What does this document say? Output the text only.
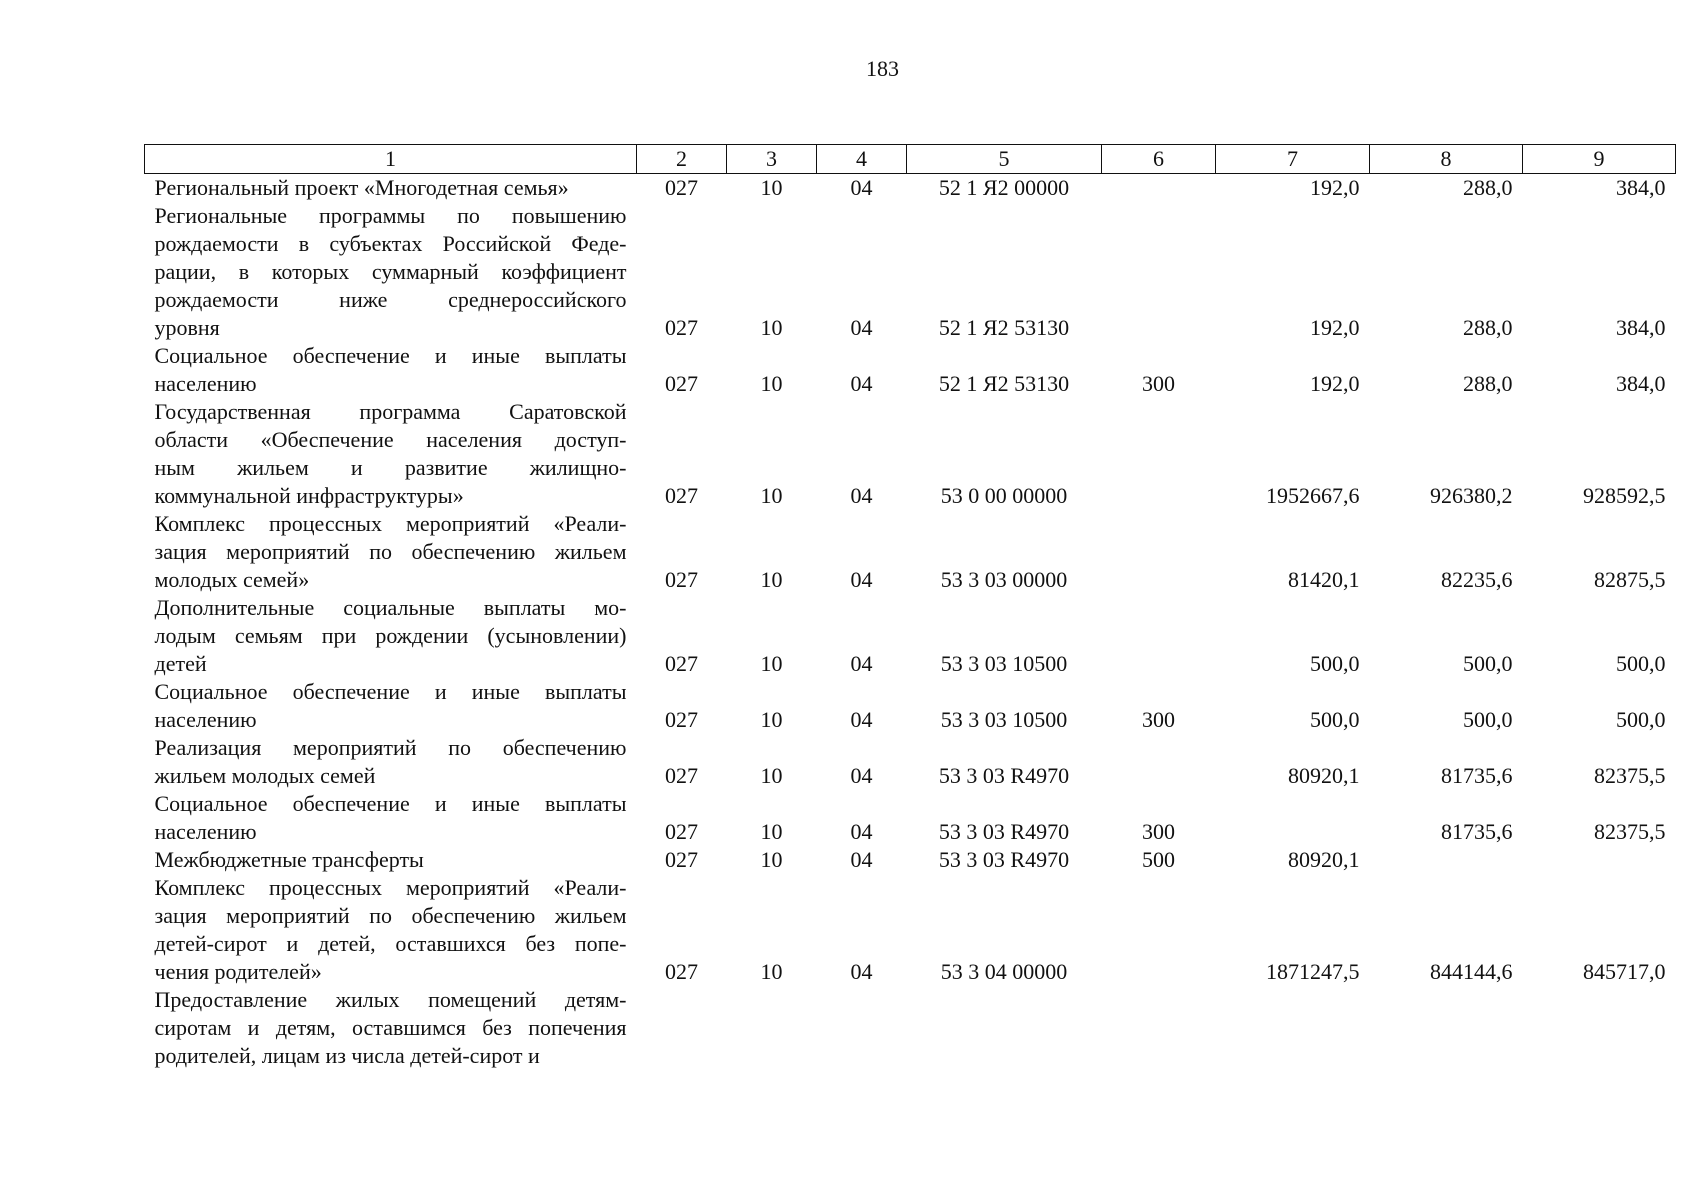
183
1	2	3	4	5	6	7	8	9

Региональный проект «Многодетная семья»	027	10	04	52 1 Я2 00000		192,0	288,0	384,0

Региональные программы по повышению
рождаемости в субъектах Российской Феде-
рации, в которых суммарный коэффициент
рождаемости ниже среднероссийского
уровня	027	10	04	52 1 Я2 53130		192,0	288,0	384,0

Социальное обеспечение и иные выплаты
населению	027	10	04	52 1 Я2 53130	300	192,0	288,0	384,0

Государственная программа Саратовской
области «Обеспечение населения доступ-
ным жильем и развитие жилищно-
коммунальной инфраструктуры»	027	10	04	53 0 00 00000		1952667,6	926380,2	928592,5

Комплекс процессных мероприятий «Реали-
зация мероприятий по обеспечению жильем
молодых семей»	027	10	04	53 3 03 00000		81420,1	82235,6	82875,5

Дополнительные социальные выплаты мо-
лодым семьям при рождении (усыновлении)
детей	027	10	04	53 3 03 10500		500,0	500,0	500,0

Социальное обеспечение и иные выплаты
населению	027	10	04	53 3 03 10500	300	500,0	500,0	500,0

Реализация мероприятий по обеспечению
жильем молодых семей	027	10	04	53 3 03 R4970		80920,1	81735,6	82375,5

Социальное обеспечение и иные выплаты
населению	027	10	04	53 3 03 R4970	300		81735,6	82375,5

Межбюджетные трансферты	027	10	04	53 3 03 R4970	500	80920,1		

Комплекс процессных мероприятий «Реали-
зация мероприятий по обеспечению жильем
детей-сирот и детей, оставшихся без попе-
чения родителей»	027	10	04	53 3 04 00000		1871247,5	844144,6	845717,0

Предоставление жилых помещений детям-
сиротам и детям, оставшимся без попечения
родителей, лицам из числа детей-сирот и								
